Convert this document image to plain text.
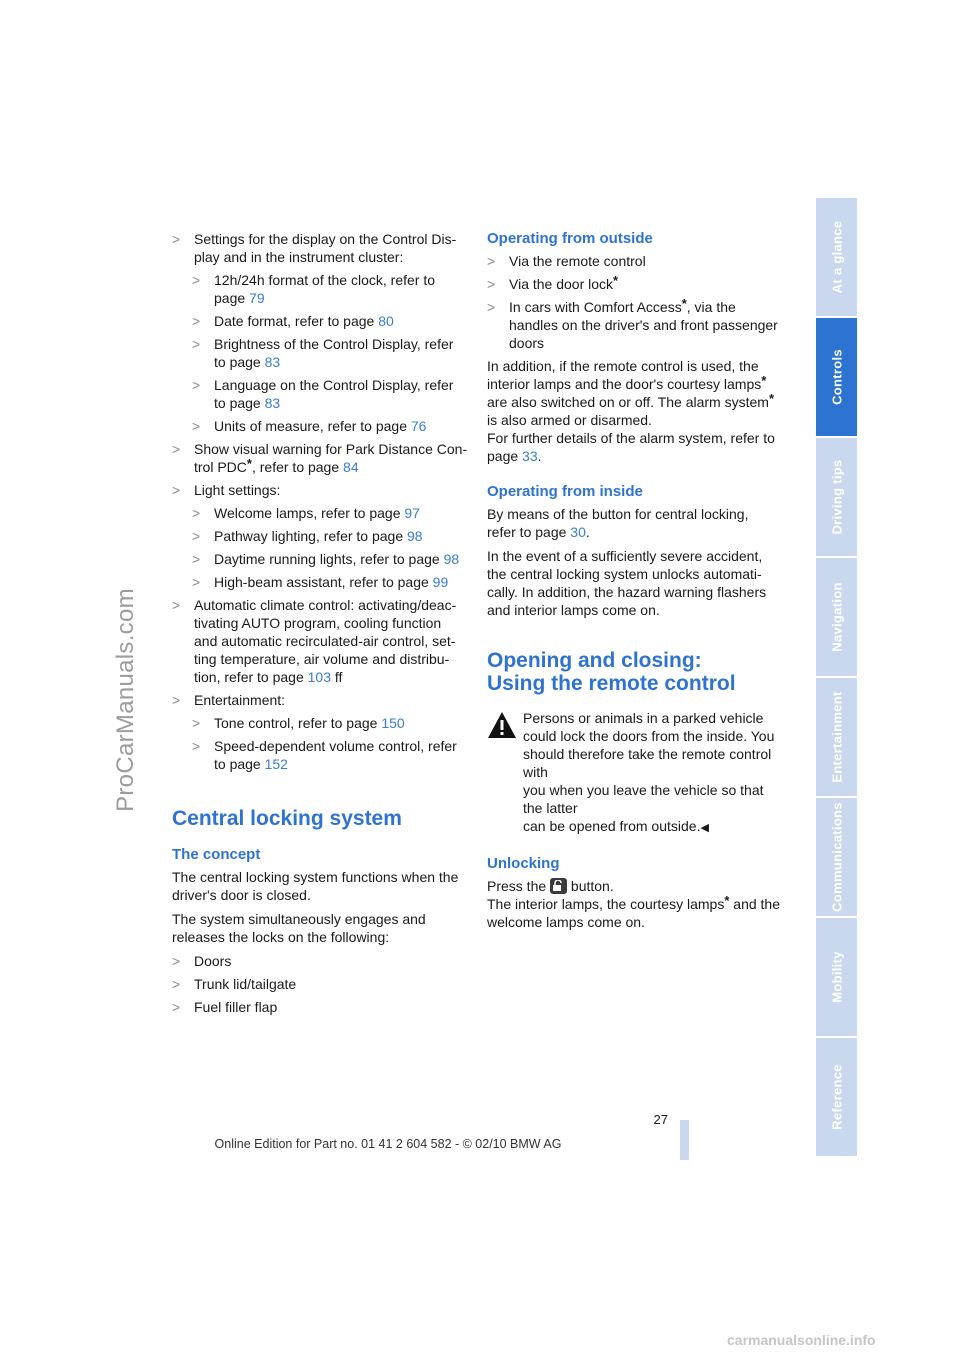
ProCarManuals.com
At a glance
Controls
Driving tips
Navigation
Entertainment
Communications
Mobility
Reference
> Settings for the display on the Control Dis-
play and in the instrument cluster:
> 12h/24h format of the clock, refer to
page 79
> Date format, refer to page 80
> Brightness of the Control Display, refer
to page 83
> Language on the Control Display, refer
to page 83
> Units of measure, refer to page 76
> Show visual warning for Park Distance Con-
trol PDC*, refer to page 84
> Light settings:
> Welcome lamps, refer to page 97
> Pathway lighting, refer to page 98
> Daytime running lights, refer to page 98
> High-beam assistant, refer to page 99
> Automatic climate control: activating/deac-
tivating AUTO program, cooling function
and automatic recirculated-air control, set-
ting temperature, air volume and distribu-
tion, refer to page 103 ff
> Entertainment:
> Tone control, refer to page 150
> Speed-dependent volume control, refer
to page 152
Central locking system
The concept

The central locking system functions when the
driver's door is closed.

The system simultaneously engages and
releases the locks on the following:

> Doors
> Trunk lid/tailgate
> Fuel filler flap
Operating from outside
> Via the remote control
> Via the door lock*
> In cars with Comfort Access*, via the
handles on the driver's and front passenger
doors

In addition, if the remote control is used, the
interior lamps and the door's courtesy lamps*
are also switched on or off. The alarm system*
is also armed or disarmed.
For further details of the alarm system, refer to
page 33.

Operating from inside

By means of the button for central locking,
refer to page 30.

In the event of a sufficiently severe accident,
the central locking system unlocks automati-
cally. In addition, the hazard warning flashers
and interior lamps come on.

Opening and closing:
Using the remote control
Persons or animals in a parked vehicle
could lock the doors from the inside. You
should therefore take the remote control with
you when you leave the vehicle so that the latter
can be opened from outside.◀
Unlocking

Press the
button.

The interior lamps, the courtesy lamps* and the
welcome lamps come on.

27
Online Edition for Part no. 01 41 2 604 582 - © 02/10 BMW AG
carmanualsonline.info
